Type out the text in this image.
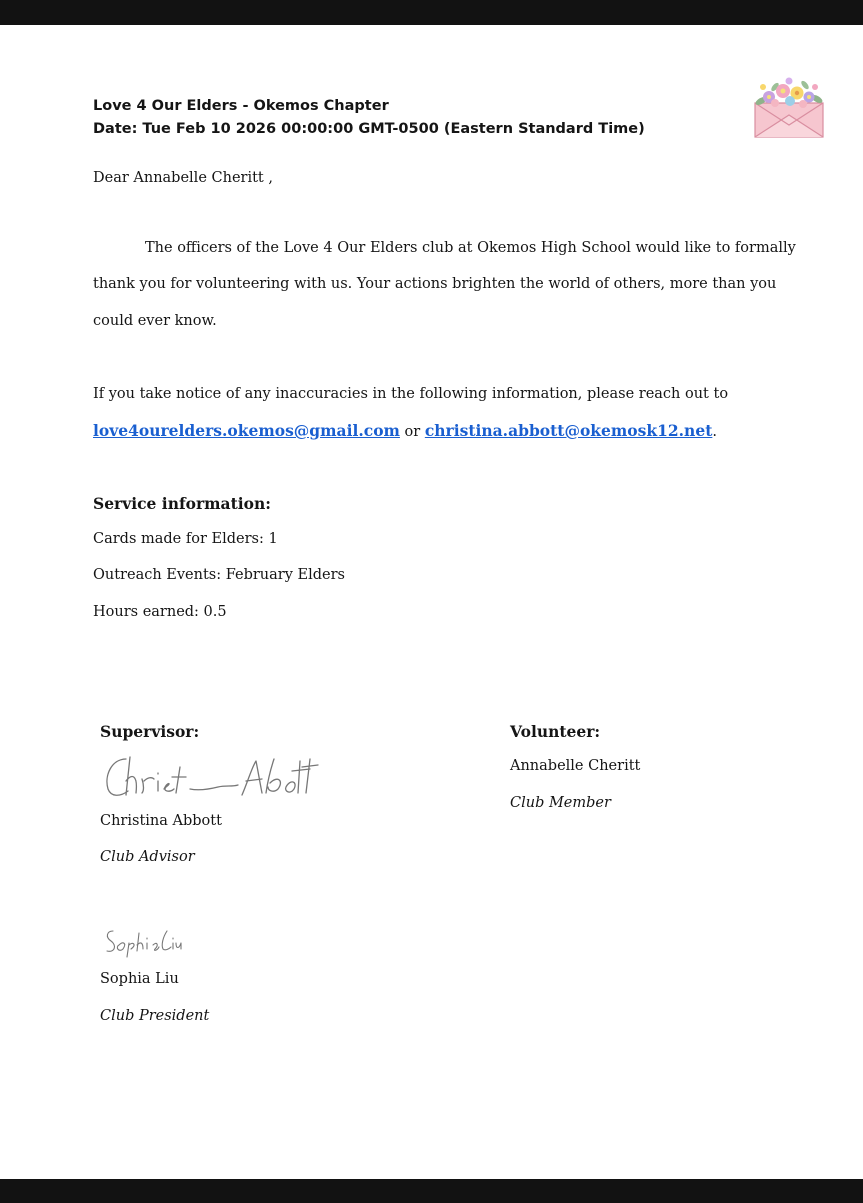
Love 4 Our Elders - Okemos Chapter
Date: Tue Feb 10 2026 00:00:00 GMT-0500 (Eastern Standard Time)
Dear Annabelle Cheritt ,
The officers of the Love 4 Our Elders club at Okemos High School would like to formally
thank you for volunteering with us. Your actions brighten the world of others, more than you
could ever know.
If you take notice of any inaccuracies in the following information, please reach out to
love4ourelders.okemos@gmail.com or christina.abbott@okemosk12.net.
Service information:
Cards made for Elders: 1
Outreach Events: February Elders
Hours earned: 0.5
Supervisor:
Christina Abbott
Club Advisor
Volunteer:
Annabelle Cheritt
Club Member
Sophia Liu
Club President
